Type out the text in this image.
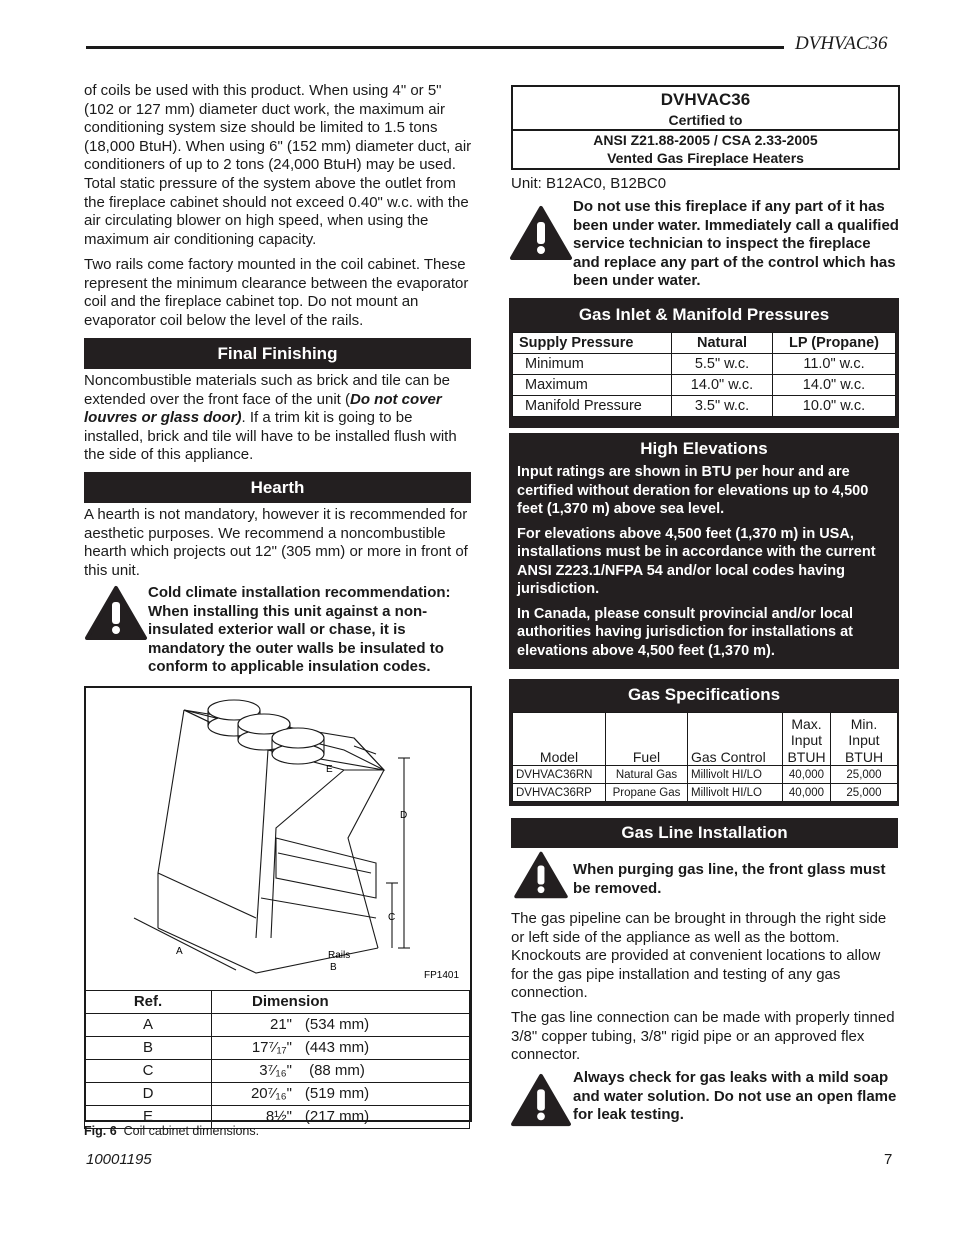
DVHVAC36

of coils be used with this product. When using 4" or 5" (102 or 127 mm) diameter duct work, the maximum air conditioning system size should be limited to 1.5 tons (18,000 BtuH). When using 6" (152 mm) diameter duct, air conditioners of up to 2 tons (24,000 BtuH) may be used. Total static pressure of the system above the outlet from the fireplace cabinet should not exceed 0.40" w.c. with the air circulating blower on high speed, when using the maximum air conditioning capacity.

Two rails come factory mounted in the coil cabinet. These represent the minimum clearance between the evaporator coil and the fireplace cabinet top. Do not mount an evaporator coil below the level of the rails.

Final Finishing

Noncombustible materials such as brick and tile can be extended over the front face of the unit (Do not cover louvres or glass door). If a trim kit is going to be installed, brick and tile will have to be installed flush with the side of this appliance.

Hearth

A hearth is not mandatory, however it is recommended for aesthetic purposes. We recommend a noncombustible hearth which projects out 12" (305 mm) or more in front of this unit.

Cold climate installation recommendation: When installing this unit against a non-insulated exterior wall or chase, it is mandatory the outer walls be insulated to conform to applicable insulation codes.
E
D
C
A	Rails
B
FP1401
Ref.	Dimension
A	21" (534 mm)
B	17⁷⁄₁₇" (443 mm)
C	3⁷⁄₁₆" (88 mm)
D	20⁷⁄₁₆" (519 mm)
E	8½" (217 mm)
Fig. 6 Coil cabinet dimensions.
DVHVAC36
Certified to
ANSI Z21.88-2005 / CSA 2.33-2005
Vented Gas Fireplace Heaters
Unit: B12AC0, B12BC0
Do not use this fireplace if any part of it has been under water. Immediately call a qualified service technician to inspect the fireplace and replace any part of the control which has been under water.
Gas Inlet & Manifold Pressures
Supply Pressure	Natural	LP (Propane)
Minimum	5.5" w.c.	11.0" w.c.
Maximum	14.0" w.c.	14.0" w.c.
Manifold Pressure	3.5" w.c.	10.0" w.c.
High Elevations

Input ratings are shown in BTU per hour and are certified without deration for elevations up to 4,500 feet (1,370 m) above sea level.

For elevations above 4,500 feet (1,370 m) in USA, installations must be in accordance with the current ANSI Z223.1/NFPA 54 and/or local codes having jurisdiction.

In Canada, please consult provincial and/or local authorities having jurisdiction for installations at elevations above 4,500 feet (1,370 m).

Gas Specifications
Model	Fuel	Gas Control	Max. Input BTUH	Min. Input BTUH
DVHVAC36RN	Natural Gas	Millivolt HI/LO	40,000	25,000
DVHVAC36RP	Propane Gas	Millivolt HI/LO	40,000	25,000
Gas Line Installation
When purging gas line, the front glass must be removed.

The gas pipeline can be brought in through the right side or left side of the appliance as well as the bottom. Knockouts are provided at convenient locations to allow for the gas pipe installation and testing of any gas connection.

The gas line connection can be made with properly tinned 3/8" copper tubing, 3/8" rigid pipe or an approved flex connector.

Always check for gas leaks with a mild soap and water solution. Do not use an open flame for leak testing.
10001195	7
